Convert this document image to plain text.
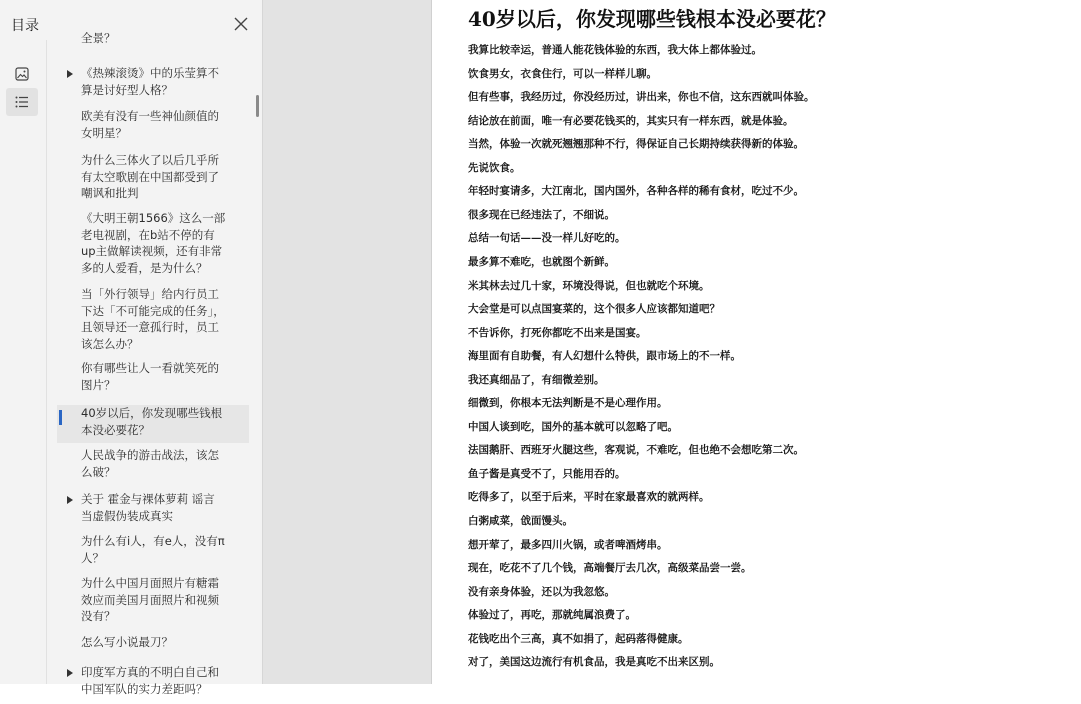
目录
全景？
《热辣滚烫》中的乐莹算不算是讨好型人格？
欧美有没有一些神仙颜值的女明星？
为什么三体火了以后几乎所有太空歌剧在中国都受到了嘲讽和批判
《大明王朝1566》这么一部老电视剧，在b站不停的有up主做解读视频，还有非常多的人爱看，是为什么？
当「外行领导」给内行员工下达「不可能完成的任务」，且领导还一意孤行时，员工该怎么办？
你有哪些让人一看就笑死的图片？
40岁以后，你发现哪些钱根本没必要花？
人民战争的游击战法，该怎么破？
关于 霍金与裸体萝莉 谣言 当虚假伪装成真实
为什么有i人，有e人，没有π人？
为什么中国月面照片有糖霜效应而美国月面照片和视频没有？
怎么写小说最刀？
印度军方真的不明白自己和中国军队的实力差距吗？
40岁以后，你发现哪些钱根本没必要花？
我算比较幸运，普通人能花钱体验的东西，我大体上都体验过。
饮食男女，衣食住行，可以一样样儿聊。
但有些事，我经历过，你没经历过，讲出来，你也不信，这东西就叫体验。
结论放在前面，唯一有必要花钱买的，其实只有一样东西，就是体验。
当然，体验一次就死翘翘那种不行，得保证自己长期持续获得新的体验。
先说饮食。
年轻时宴请多，大江南北，国内国外，各种各样的稀有食材，吃过不少。
很多现在已经违法了，不细说。
总结一句话——没一样儿好吃的。
最多算不难吃，也就图个新鲜。
米其林去过几十家，环境没得说，但也就吃个环境。
大会堂是可以点国宴菜的，这个很多人应该都知道吧？
不告诉你，打死你都吃不出来是国宴。
海里面有自助餐，有人幻想什么特供，跟市场上的不一样。
我还真细品了，有细微差别。
细微到，你根本无法判断是不是心理作用。
中国人谈到吃，国外的基本就可以忽略了吧。
法国鹅肝、西班牙火腿这些，客观说，不难吃，但也绝不会想吃第二次。
鱼子酱是真受不了，只能用吞的。
吃得多了，以至于后来，平时在家最喜欢的就两样。
白粥咸菜，戗面馒头。
想开荤了，最多四川火锅，或者啤酒烤串。
现在，吃花不了几个钱，高端餐厅去几次，高级菜品尝一尝。
没有亲身体验，还以为我忽悠。
体验过了，再吃，那就纯属浪费了。
花钱吃出个三高，真不如捐了，起码落得健康。
对了，美国这边流行有机食品，我是真吃不出来区别。
